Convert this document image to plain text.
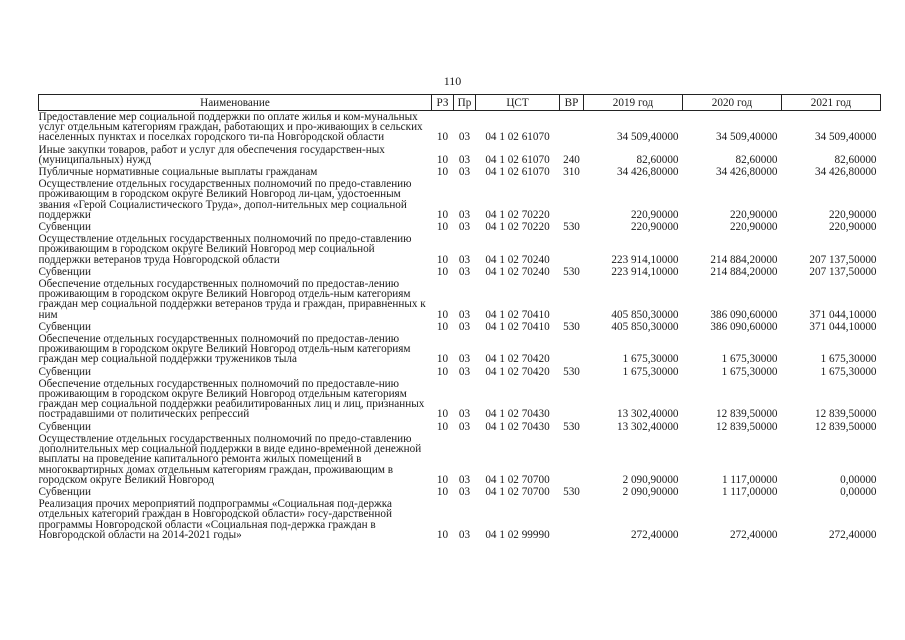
110
Наименование	РЗ	Пр	ЦСТ	ВР	2019 год	2020 год	2021 год
Предоставление мер социальной поддержки по оплате жилья и ком-мунальных услуг отдельным категориям граждан, работающих и про-живающих в сельских населенных пунктах и поселках городского ти-па Новгородской области	10	03	04 1 02 61070		34 509,40000	34 509,40000	34 509,40000
Иные закупки товаров, работ и услуг для обеспечения государствен-ных (муниципальных) нужд	10	03	04 1 02 61070	240	82,60000	82,60000	82,60000
Публичные нормативные социальные выплаты гражданам	10	03	04 1 02 61070	310	34 426,80000	34 426,80000	34 426,80000
Осуществление отдельных государственных полномочий по предо-ставлению проживающим в городском округе Великий Новгород ли-цам, удостоенным звания «Герой Социалистического Труда», допол-нительных мер социальной поддержки	10	03	04 1 02 70220		220,90000	220,90000	220,90000
Субвенции	10	03	04 1 02 70220	530	220,90000	220,90000	220,90000
Осуществление отдельных государственных полномочий по предо-ставлению проживающим в городском округе Великий Новгород мер социальной поддержки ветеранов труда Новгородской области	10	03	04 1 02 70240		223 914,10000	214 884,20000	207 137,50000
Субвенции	10	03	04 1 02 70240	530	223 914,10000	214 884,20000	207 137,50000
Обеспечение отдельных государственных полномочий по предостав-лению проживающим в городском округе Великий Новгород отдель-ным категориям граждан мер социальной поддержки ветеранов труда и граждан, приравненных к ним	10	03	04 1 02 70410		405 850,30000	386 090,60000	371 044,10000
Субвенции	10	03	04 1 02 70410	530	405 850,30000	386 090,60000	371 044,10000
Обеспечение отдельных государственных полномочий по предостав-лению проживающим в городском округе Великий Новгород отдель-ным категориям граждан мер социальной поддержки тружеников тыла	10	03	04 1 02 70420		1 675,30000	1 675,30000	1 675,30000
Субвенции	10	03	04 1 02 70420	530	1 675,30000	1 675,30000	1 675,30000
Обеспечение отдельных государственных полномочий по предоставле-нию проживающим в городском округе Великий Новгород отдельным категориям граждан мер социальной поддержки реабилитированных лиц и лиц, признанных пострадавшими от политических репрессий	10	03	04 1 02 70430		13 302,40000	12 839,50000	12 839,50000
Субвенции	10	03	04 1 02 70430	530	13 302,40000	12 839,50000	12 839,50000
Осуществление отдельных государственных полномочий по предо-ставлению дополнительных мер социальной поддержки в виде едино-временной денежной выплаты на проведение капитального ремонта жилых помещений в многоквартирных домах отдельным категориям граждан, проживающим в городском округе Великий Новгород	10	03	04 1 02 70700		2 090,90000	1 117,00000	0,00000
Субвенции	10	03	04 1 02 70700	530	2 090,90000	1 117,00000	0,00000
Реализация прочих мероприятий подпрограммы «Социальная под-держка отдельных категорий граждан в Новгородской области» госу-дарственной программы Новгородской области «Социальная под-держка граждан в Новгородской области на 2014-2021 годы»	10	03	04 1 02 99990		272,40000	272,40000	272,40000
